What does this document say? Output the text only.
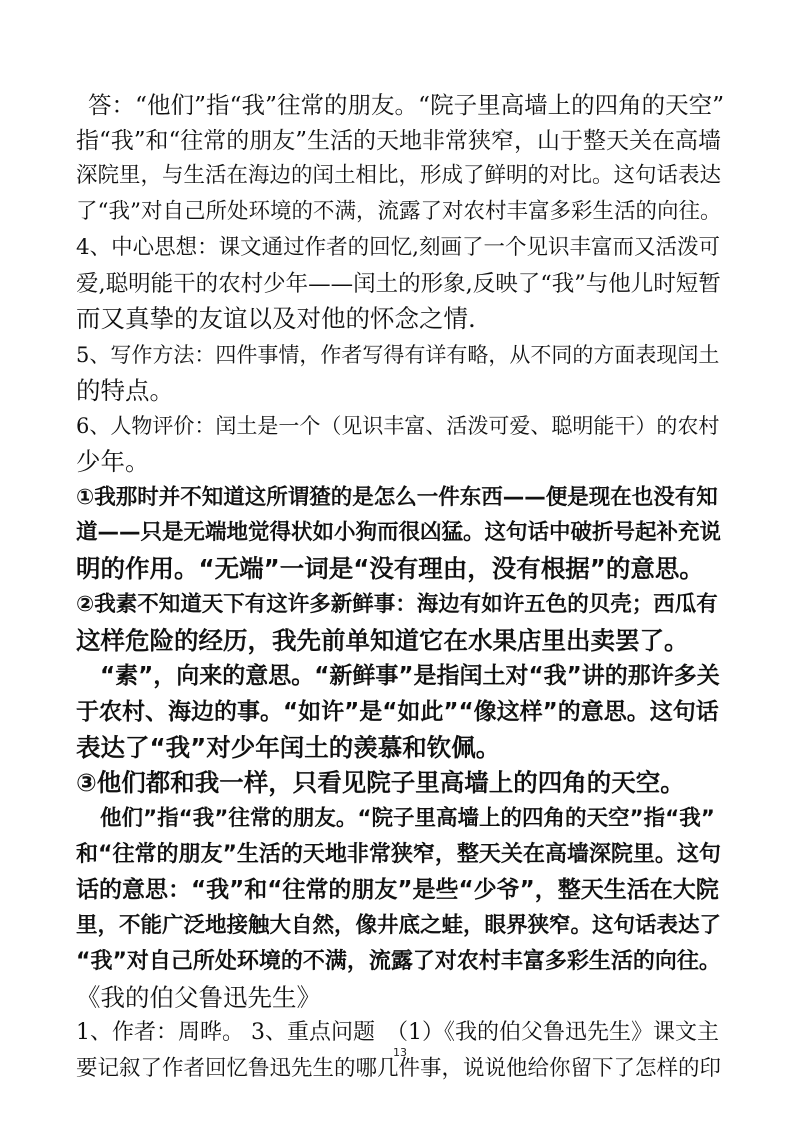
答：“他们”指“我”往常的朋友。“院子里高墙上的四角的天空”
指“我”和“往常的朋友”生活的天地非常狭窄，山于整天关在高墙
深院里，与生活在海边的闰土相比，形成了鲜明的对比。这句话表达
了“我”对自己所处环境的不满，流露了对农村丰富多彩生活的向往。
4、中心思想：课文通过作者的回忆,刻画了一个见识丰富而又活泼可
爱,聪明能干的农村少年——闰土的形象,反映了“我”与他儿时短暂
而又真挚的友谊以及对他的怀念之情.
5、写作方法：四件事情，作者写得有详有略，从不同的方面表现闰土
的特点。
6、人物评价：闰土是一个（见识丰富、活泼可爱、聪明能干）的农村
少年。
①我那时并不知道这所谓猹的是怎么一件东西——便是现在也没有知
道——只是无端地觉得状如小狗而很凶猛。这句话中破折号起补充说
明的作用。“无端”一词是“没有理由，没有根据”的意思。
②我素不知道天下有这许多新鲜事：海边有如许五色的贝壳；西瓜有
这样危险的经历，我先前单知道它在水果店里出卖罢了。
“素”，向来的意思。“新鲜事”是指闰土对“我”讲的那许多关
于农村、海边的事。“如许”是“如此”“像这样”的意思。这句话
表达了“我”对少年闰土的羡慕和钦佩。
③他们都和我一样，只看见院子里高墙上的四角的天空。
他们”指“我”往常的朋友。“院子里高墙上的四角的天空”指“我”
和“往常的朋友”生活的天地非常狭窄，整天关在高墙深院里。这句
话的意思：“我”和“往常的朋友”是些“少爷”，整天生活在大院
里，不能广泛地接触大自然，像井底之蛙，眼界狭窄。这句话表达了
“我”对自己所处环境的不满，流露了对农村丰富多彩生活的向往。
《我的伯父鲁迅先生》
1、作者：周晔。 3、重点问题　（1）《我的伯父鲁迅先生》课文主
要记叙了作者回忆鲁迅先生的哪几件事，说说他给你留下了怎样的印
13
